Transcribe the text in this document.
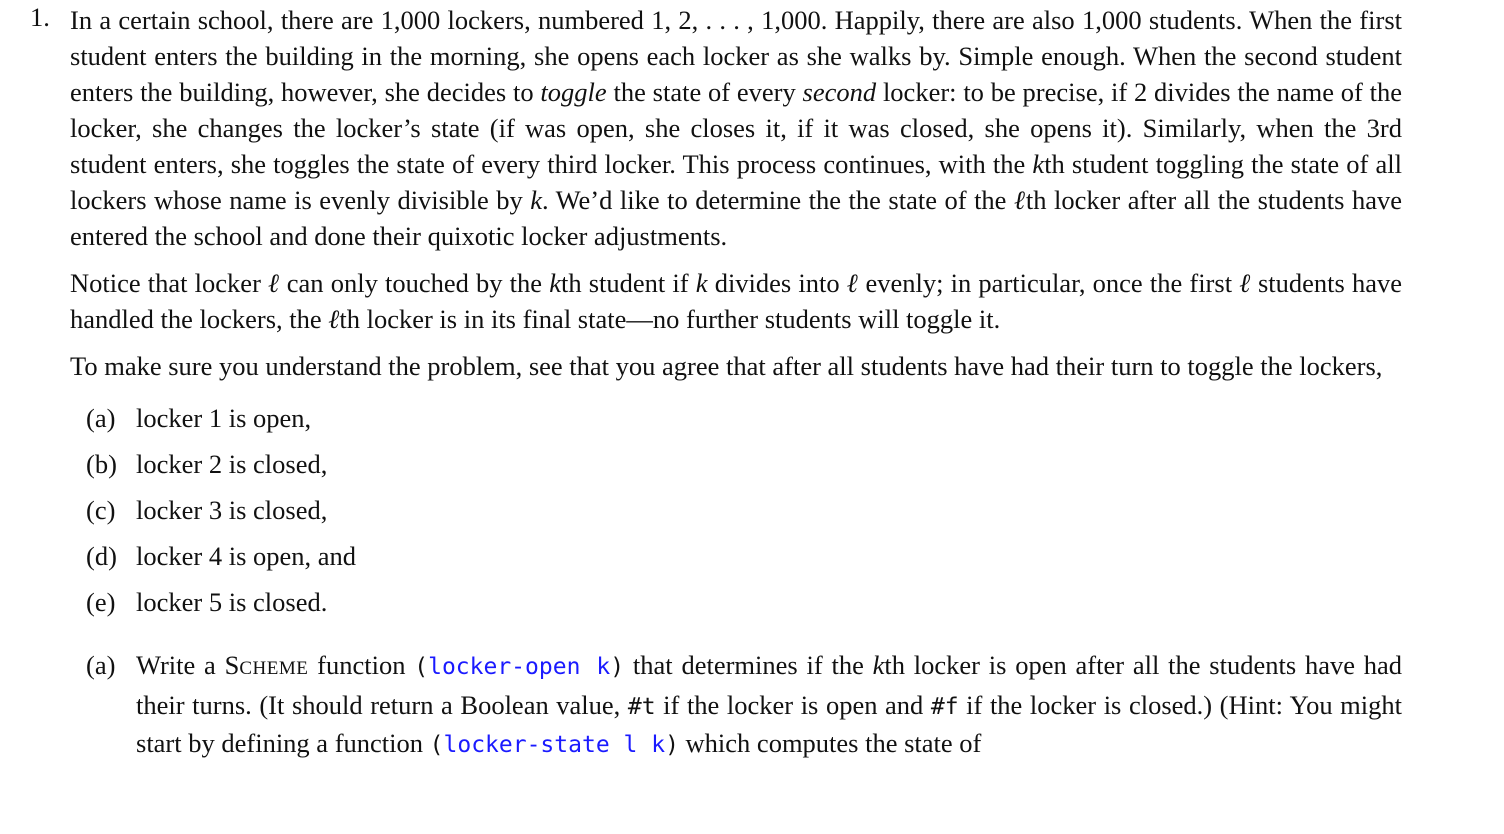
1. In a certain school, there are 1,000 lockers, numbered 1, 2, . . . , 1,000. Happily, there are also 1,000 students. When the first student enters the building in the morning, she opens each locker as she walks by. Simple enough. When the second student enters the building, however, she decides to toggle the state of every second locker: to be precise, if 2 divides the name of the locker, she changes the locker’s state (if was open, she closes it, if it was closed, she opens it). Similarly, when the 3rd student enters, she toggles the state of every third locker. This process continues, with the kth student toggling the state of all lockers whose name is evenly divisible by k. We’d like to determine the the state of the ℓth locker after all the students have entered the school and done their quixotic locker adjustments.

Notice that locker ℓ can only touched by the kth student if k divides into ℓ evenly; in particular, once the first ℓ students have handled the lockers, the ℓth locker is in its final state—no further students will toggle it.

To make sure you understand the problem, see that you agree that after all students have had their turn to toggle the lockers,

(a) locker 1 is open,
(b) locker 2 is closed,
(c) locker 3 is closed,
(d) locker 4 is open, and
(e) locker 5 is closed.
(a) Write a SCHEME function (locker-open k) that determines if the kth locker is open after all the students have had their turns. (It should return a Boolean value, #t if the locker is open and #f if the locker is closed.) (Hint: You might start by defining a function (locker-state l k) which computes the state of
